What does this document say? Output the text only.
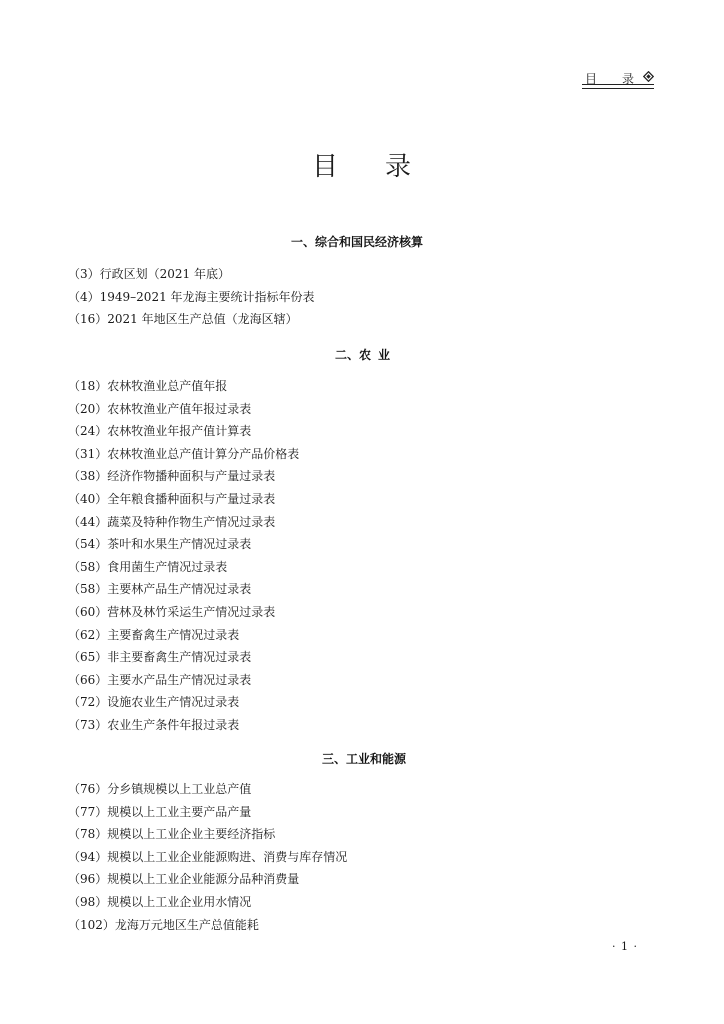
目 录
目 录
一、综合和国民经济核算
（3）行政区划（2021 年底）
（4）1949–2021 年龙海主要统计指标年份表
（16）2021 年地区生产总值（龙海区辖）
二、农 业
（18）农林牧渔业总产值年报
（20）农林牧渔业产值年报过录表
（24）农林牧渔业年报产值计算表
（31）农林牧渔业总产值计算分产品价格表
（38）经济作物播种面积与产量过录表
（40）全年粮食播种面积与产量过录表
（44）蔬菜及特种作物生产情况过录表
（54）茶叶和水果生产情况过录表
（58）食用菌生产情况过录表
（58）主要林产品生产情况过录表
（60）营林及林竹采运生产情况过录表
（62）主要畜禽生产情况过录表
（65）非主要畜禽生产情况过录表
（66）主要水产品生产情况过录表
（72）设施农业生产情况过录表
（73）农业生产条件年报过录表
三、工业和能源
（76）分乡镇规模以上工业总产值
（77）规模以上工业主要产品产量
（78）规模以上工业企业主要经济指标
（94）规模以上工业企业能源购进、消费与库存情况
（96）规模以上工业企业能源分品种消费量
（98）规模以上工业企业用水情况
（102）龙海万元地区生产总值能耗
· 1 ·
